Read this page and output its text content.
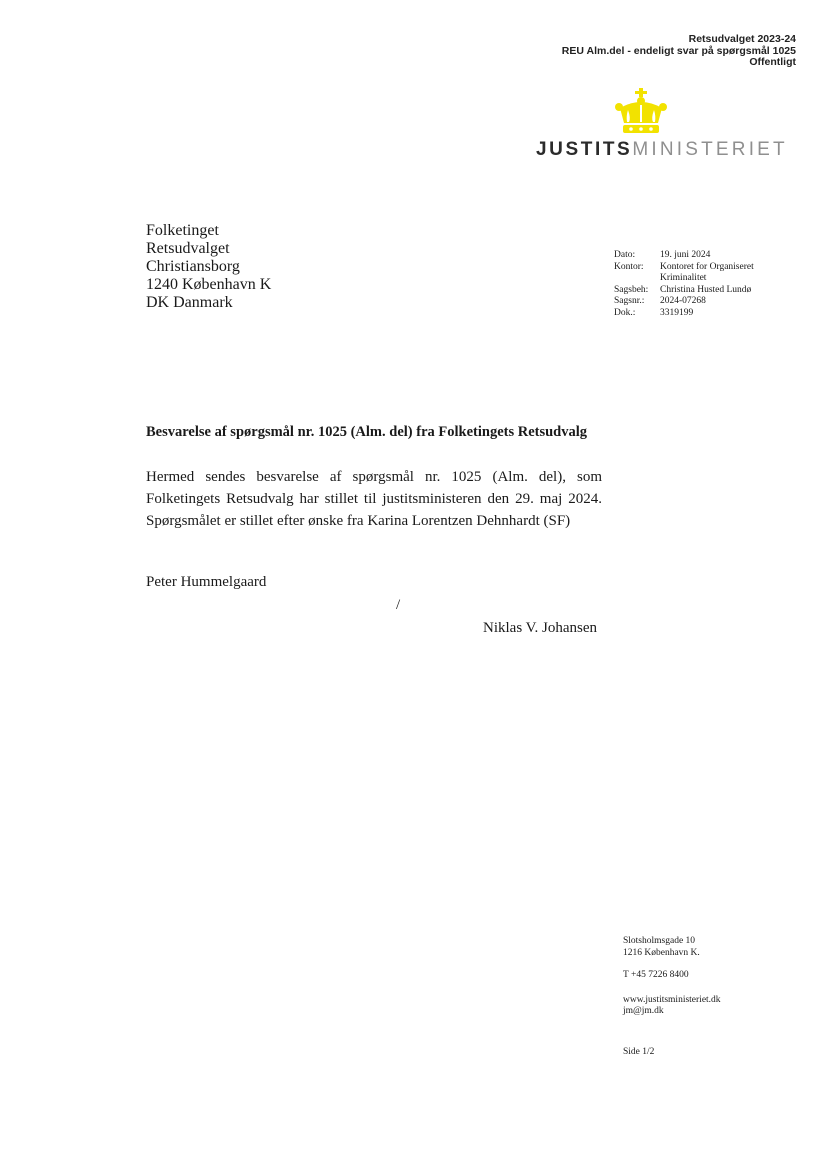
Retsudvalget 2023-24
REU Alm.del - endeligt svar på spørgsmål 1025
Offentligt
JUSTITSMINISTERIET
Folketinget
Retsudvalget
Christiansborg
1240 København K
DK Danmark
Dato:	19. juni 2024
Kontor:	Kontoret for Organiseret Kriminalitet
Sagsbeh:	Christina Husted Lundø
Sagsnr.:	2024-07268
Dok.:	3319199
Besvarelse af spørgsmål nr. 1025 (Alm. del) fra Folketingets Retsudvalg
Hermed sendes besvarelse af spørgsmål nr. 1025 (Alm. del), som Folketingets Retsudvalg har stillet til justitsministeren den 29. maj 2024. Spørgsmålet er stillet efter ønske fra Karina Lorentzen Dehnhardt (SF)
Peter Hummelgaard
/
Niklas V. Johansen
Slotsholmsgade 10
1216 København K.
T +45 7226 8400
www.justitsministeriet.dk
jm@jm.dk
Side 1/2
